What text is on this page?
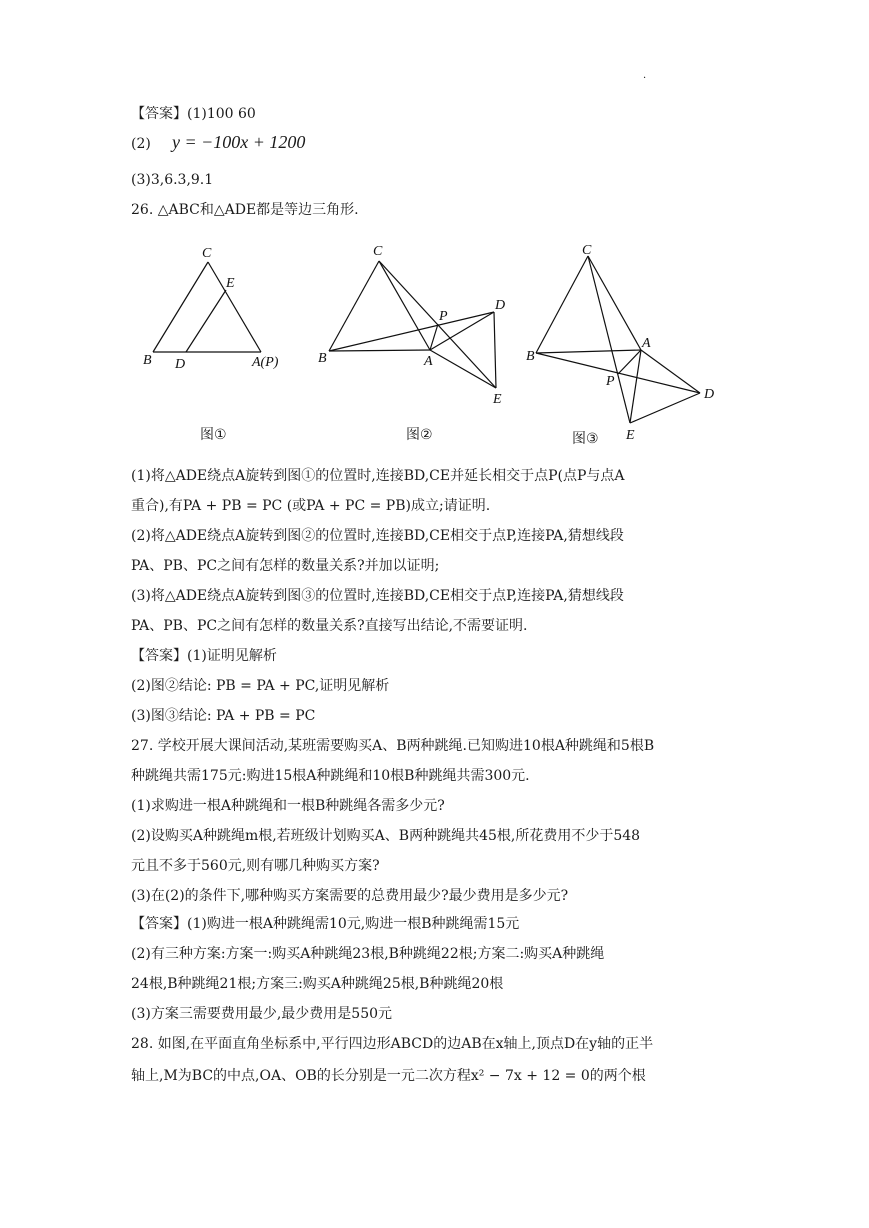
·
【答案】(1)100 60
(2) y = −100x + 1200
(3)3,6.3,9.1
26. △ABC和△ADE都是等边三角形.
C
E
B D	A(P)
图①
C
P
D
B	A
E
图②
C
A
B
P
D
E
图③
(1)将△ADE绕点A旋转到图①的位置时,连接BD,CE并延长相交于点P(点P与点A
重合),有PA + PB = PC (或PA + PC = PB)成立;请证明.
(2)将△ADE绕点A旋转到图②的位置时,连接BD,CE相交于点P,连接PA,猜想线段
PA、PB、PC之间有怎样的数量关系?并加以证明;
(3)将△ADE绕点A旋转到图③的位置时,连接BD,CE相交于点P,连接PA,猜想线段
PA、PB、PC之间有怎样的数量关系?直接写出结论,不需要证明.
【答案】(1)证明见解析
(2)图②结论: PB = PA + PC,证明见解析
(3)图③结论: PA + PB = PC
27. 学校开展大课间活动,某班需要购买A、B两种跳绳.已知购进10根A种跳绳和5根B
种跳绳共需175元:购进15根A种跳绳和10根B种跳绳共需300元.
(1)求购进一根A种跳绳和一根B种跳绳各需多少元?
(2)设购买A种跳绳m根,若班级计划购买A、B两种跳绳共45根,所花费用不少于548
元且不多于560元,则有哪几种购买方案?
(3)在(2)的条件下,哪种购买方案需要的总费用最少?最少费用是多少元?
【答案】(1)购进一根A种跳绳需10元,购进一根B种跳绳需15元
(2)有三种方案:方案一:购买A种跳绳23根,B种跳绳22根;方案二:购买A种跳绳
24根,B种跳绳21根;方案三:购买A种跳绳25根,B种跳绳20根
(3)方案三需要费用最少,最少费用是550元
28. 如图,在平面直角坐标系中,平行四边形ABCD的边AB在x轴上,顶点D在y轴的正半
轴上,M为BC的中点,OA、OB的长分别是一元二次方程x² − 7x + 12 = 0的两个根
